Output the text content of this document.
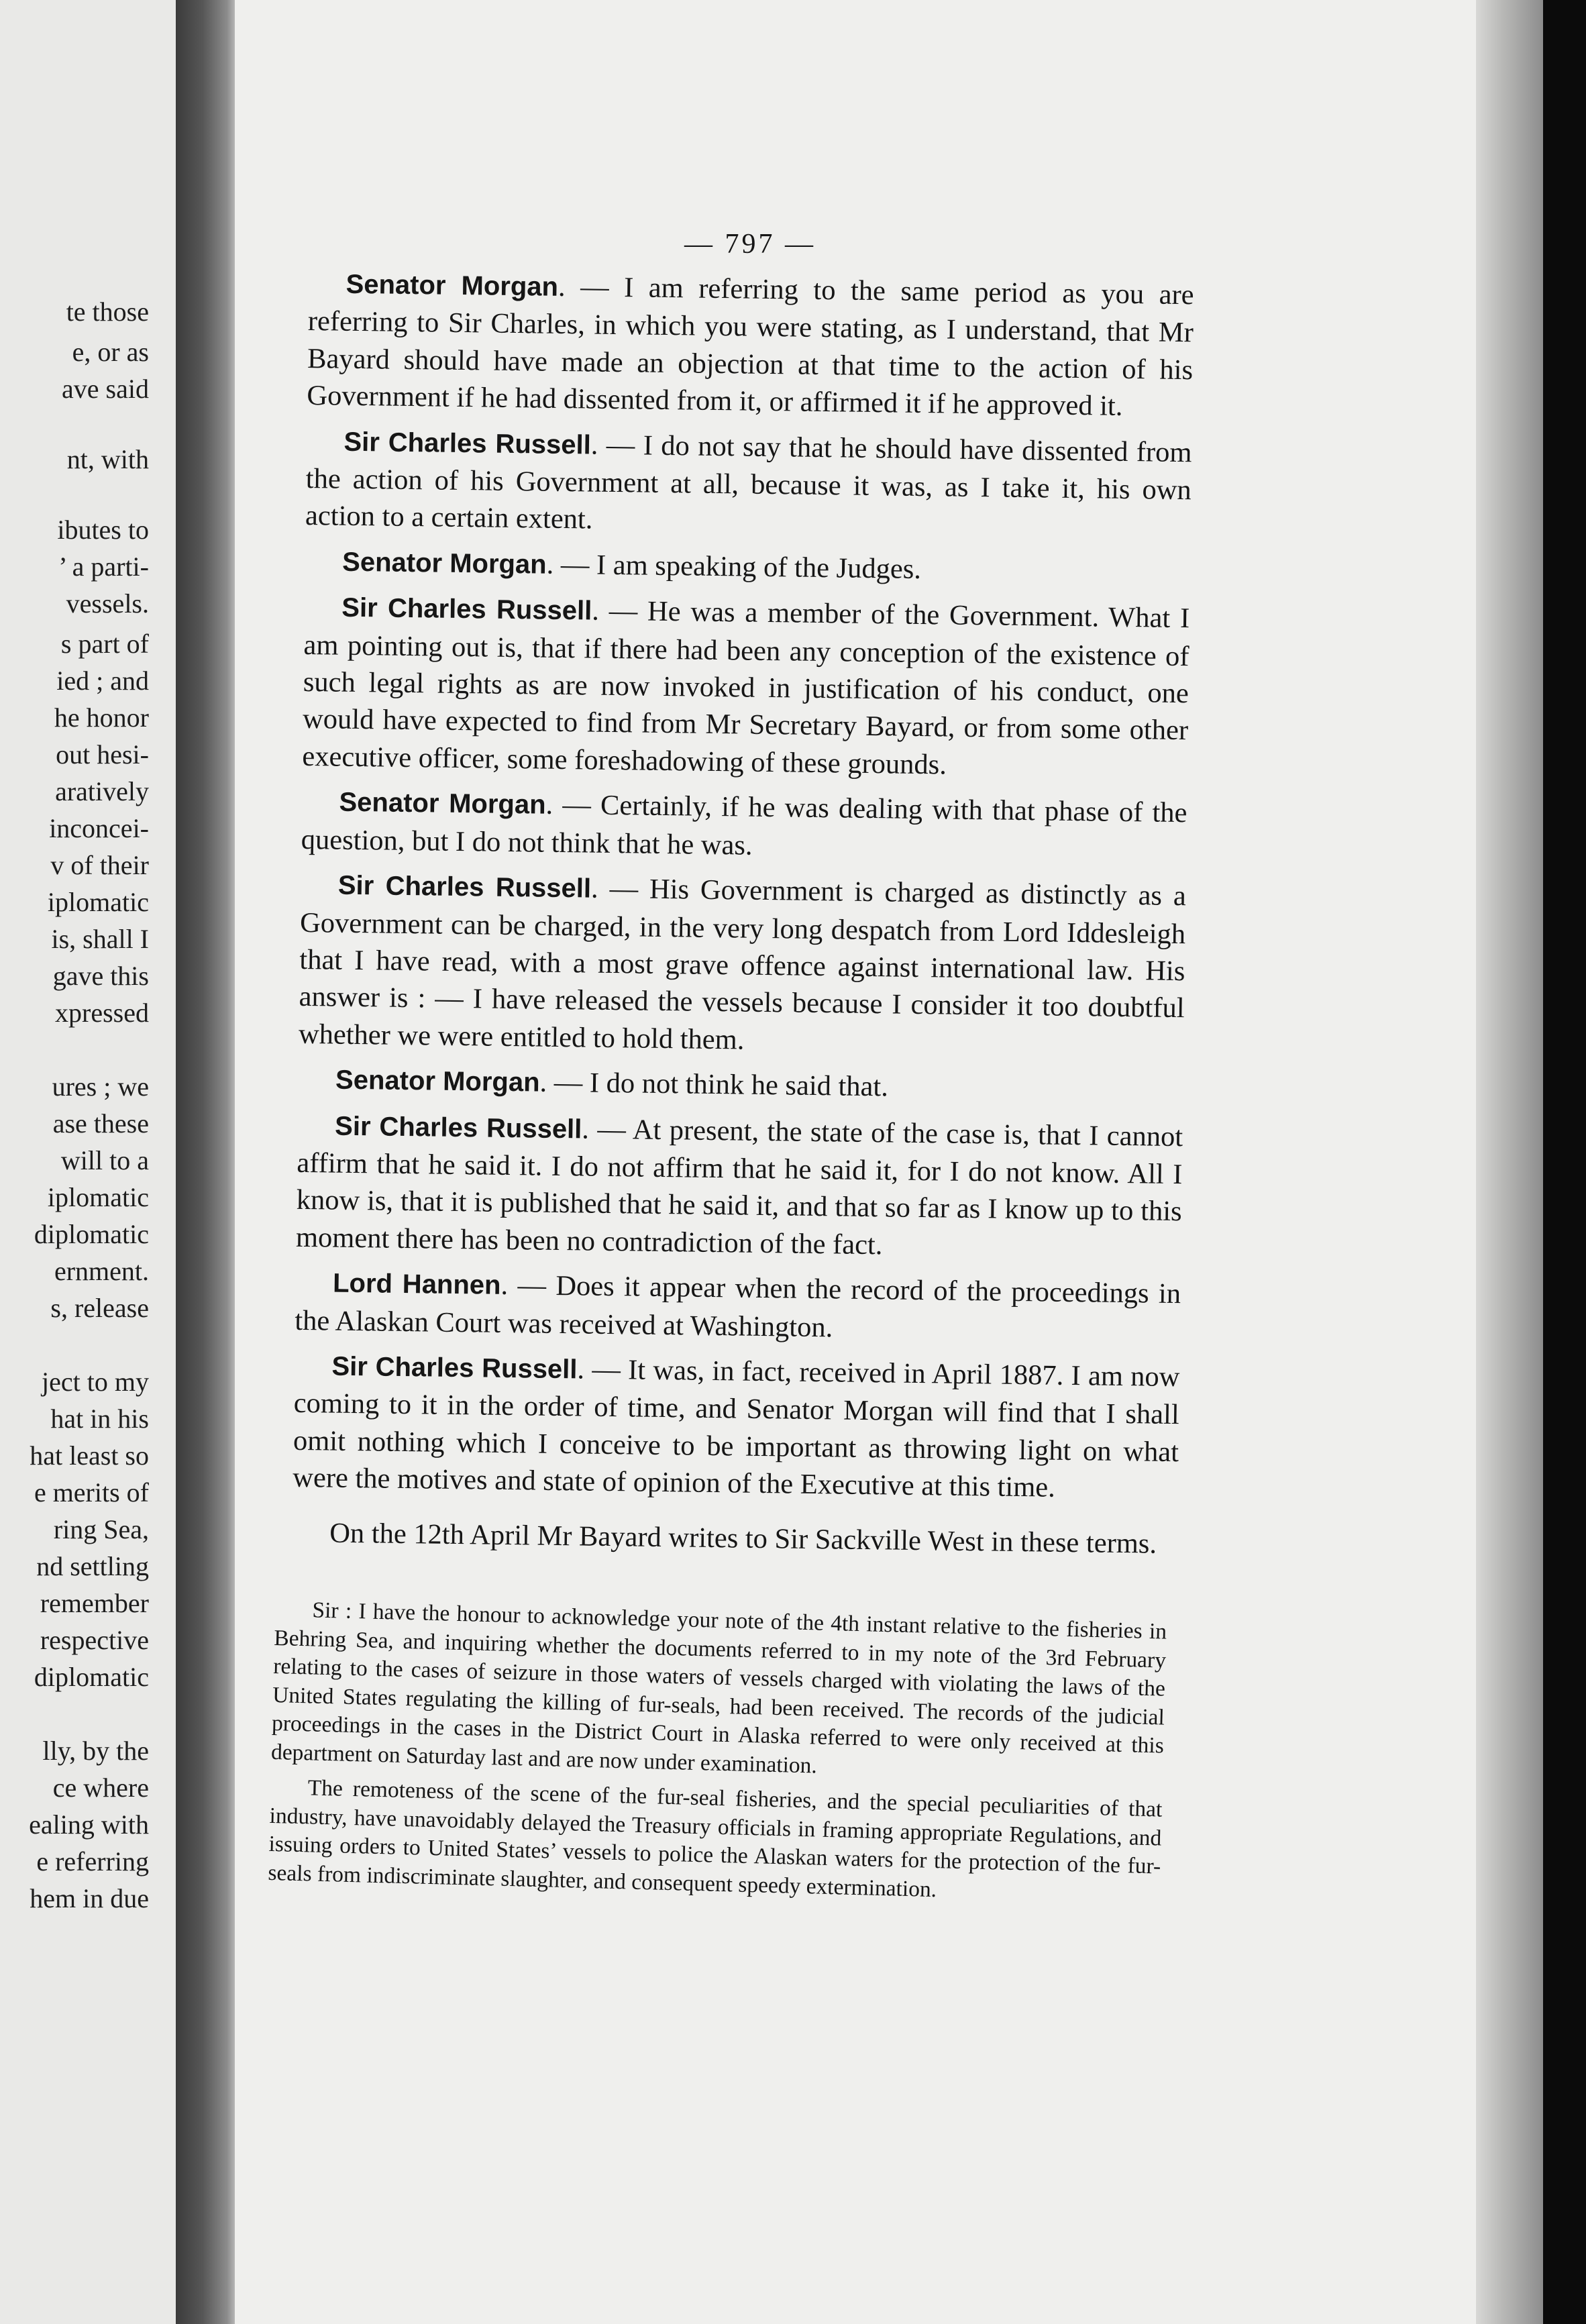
te those

e, or as

ave said

nt, with

ibutes to

’ a parti-

vessels.

s part of

ied ; and

he honor

out hesi-

aratively

inconcei-

v of their

iplomatic

is, shall I

gave this

xpressed

ures ; we

ase these

will to a

iplomatic

diplomatic

ernment.

s, release

ject to my

hat in his

hat least so

e merits of

ring Sea,

nd settling

remember

respective

diplomatic

lly, by the

ce where

ealing with

e referring

hem in due

— 797 —

Senator Morgan. — I am referring to the same period as you are referring to Sir Charles, in which you were stating, as I understand, that Mr Bayard should have made an objection at that time to the action of his Government if he had dissented from it, or affirmed it if he approved it.

Sir Charles Russell. — I do not say that he should have dissented from the action of his Government at all, because it was, as I take it, his own action to a certain extent.

Senator Morgan. — I am speaking of the Judges.

Sir Charles Russell. — He was a member of the Government. What I am pointing out is, that if there had been any conception of the existence of such legal rights as are now invoked in justification of his conduct, one would have expected to find from Mr Secretary Bayard, or from some other executive officer, some foreshadowing of these grounds.

Senator Morgan. — Certainly, if he was dealing with that phase of the question, but I do not think that he was.

Sir Charles Russell. — His Government is charged as distinctly as a Government can be charged, in the very long despatch from Lord Iddesleigh that I have read, with a most grave offence against international law. His answer is : — I have released the vessels because I consider it too doubtful whether we were entitled to hold them.

Senator Morgan. — I do not think he said that.

Sir Charles Russell. — At present, the state of the case is, that I cannot affirm that he said it. I do not affirm that he said it, for I do not know. All I know is, that it is published that he said it, and that so far as I know up to this moment there has been no contradiction of the fact.

Lord Hannen. — Does it appear when the record of the proceedings in the Alaskan Court was received at Washington.

Sir Charles Russell. — It was, in fact, received in April 1887. I am now coming to it in the order of time, and Senator Morgan will find that I shall omit nothing which I conceive to be important as throwing light on what were the motives and state of opinion of the Executive at this time.

On the 12th April Mr Bayard writes to Sir Sackville West in these terms.

Sir : I have the honour to acknowledge your note of the 4th instant relative to the fisheries in Behring Sea, and inquiring whether the documents referred to in my note of the 3rd February relating to the cases of seizure in those waters of vessels charged with violating the laws of the United States regulating the killing of fur-seals, had been received. The records of the judicial proceedings in the cases in the District Court in Alaska referred to were only received at this department on Saturday last and are now under examination.

The remoteness of the scene of the fur-seal fisheries, and the special peculiarities of that industry, have unavoidably delayed the Treasury officials in framing appropriate Regulations, and issuing orders to United States’ vessels to police the Alaskan waters for the protection of the fur-seals from indiscriminate slaughter, and consequent speedy extermination.
